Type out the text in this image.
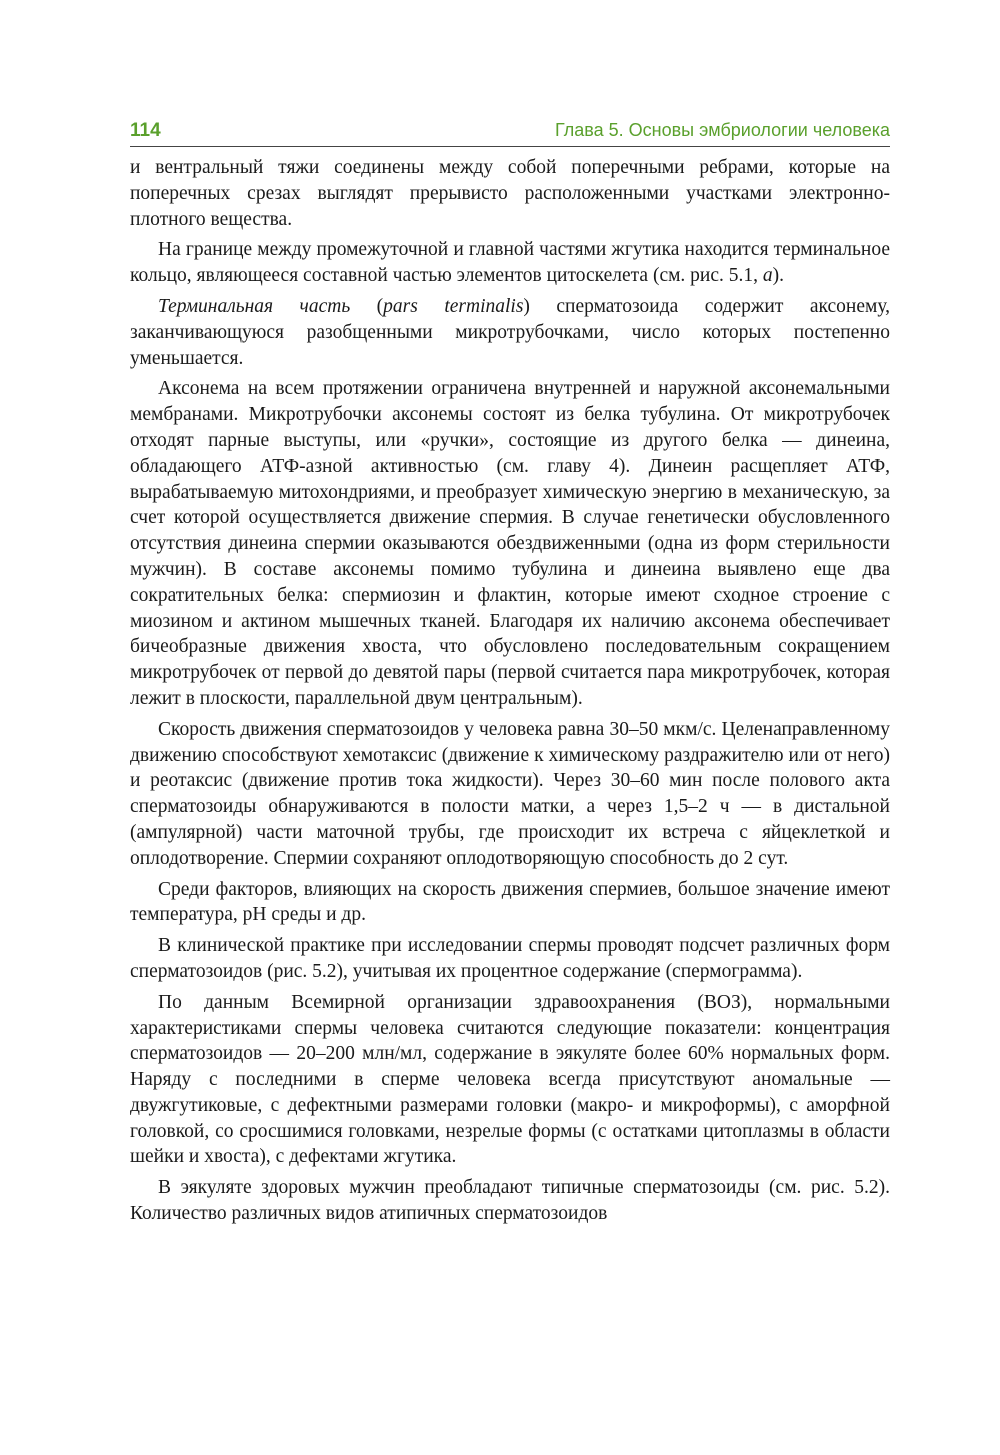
114	Глава 5. Основы эмбриологии человека

и вентральный тяжи соединены между собой поперечными ребрами, которые на поперечных срезах выглядят прерывисто расположенными участками электронно-плотного вещества.

На границе между промежуточной и главной частями жгутика находится терминальное кольцо, являющееся составной частью элементов цитоскелета (см. рис. 5.1, а).

Терминальная часть (pars terminalis) сперматозоида содержит аксонему, заканчивающуюся разобщенными микротрубочками, число которых постепенно уменьшается.

Аксонема на всем протяжении ограничена внутренней и наружной аксонемальными мембранами. Микротрубочки аксонемы состоят из белка тубулина. От микротрубочек отходят парные выступы, или «ручки», состоящие из другого белка — динеина, обладающего АТФ-азной активностью (см. главу 4). Динеин расщепляет АТФ, вырабатываемую митохондриями, и преобразует химическую энергию в механическую, за счет которой осуществляется движение спермия. В случае генетически обусловленного отсутствия динеина спермии оказываются обездвиженными (одна из форм стерильности мужчин). В составе аксонемы помимо тубулина и динеина выявлено еще два сократительных белка: спермиозин и флактин, которые имеют сходное строение с миозином и актином мышечных тканей. Благодаря их наличию аксонема обеспечивает бичеобразные движения хвоста, что обусловлено последовательным сокращением микротрубочек от первой до девятой пары (первой считается пара микротрубочек, которая лежит в плоскости, параллельной двум центральным).

Скорость движения сперматозоидов у человека равна 30–50 мкм/с. Целенаправленному движению способствуют хемотаксис (движение к химическому раздражителю или от него) и реотаксис (движение против тока жидкости). Через 30–60 мин после полового акта сперматозоиды обнаруживаются в полости матки, а через 1,5–2 ч — в дистальной (ампулярной) части маточной трубы, где происходит их встреча с яйцеклеткой и оплодотворение. Спермии сохраняют оплодотворяющую способность до 2 сут.

Среди факторов, влияющих на скорость движения спермиев, большое значение имеют температура, pH среды и др.

В клинической практике при исследовании спермы проводят подсчет различных форм сперматозоидов (рис. 5.2), учитывая их процентное содержание (спермограмма).

По данным Всемирной организации здравоохранения (ВОЗ), нормальными характеристиками спермы человека считаются следующие показатели: концентрация сперматозоидов — 20–200 млн/мл, содержание в эякуляте более 60% нормальных форм. Наряду с последними в сперме человека всегда присутствуют аномальные — двужгутиковые, с дефектными размерами головки (макро- и микроформы), с аморфной головкой, со сросшимися головками, незрелые формы (с остатками цитоплазмы в области шейки и хвоста), с дефектами жгутика.

В эякуляте здоровых мужчин преобладают типичные сперматозоиды (см. рис. 5.2). Количество различных видов атипичных сперматозоидов
